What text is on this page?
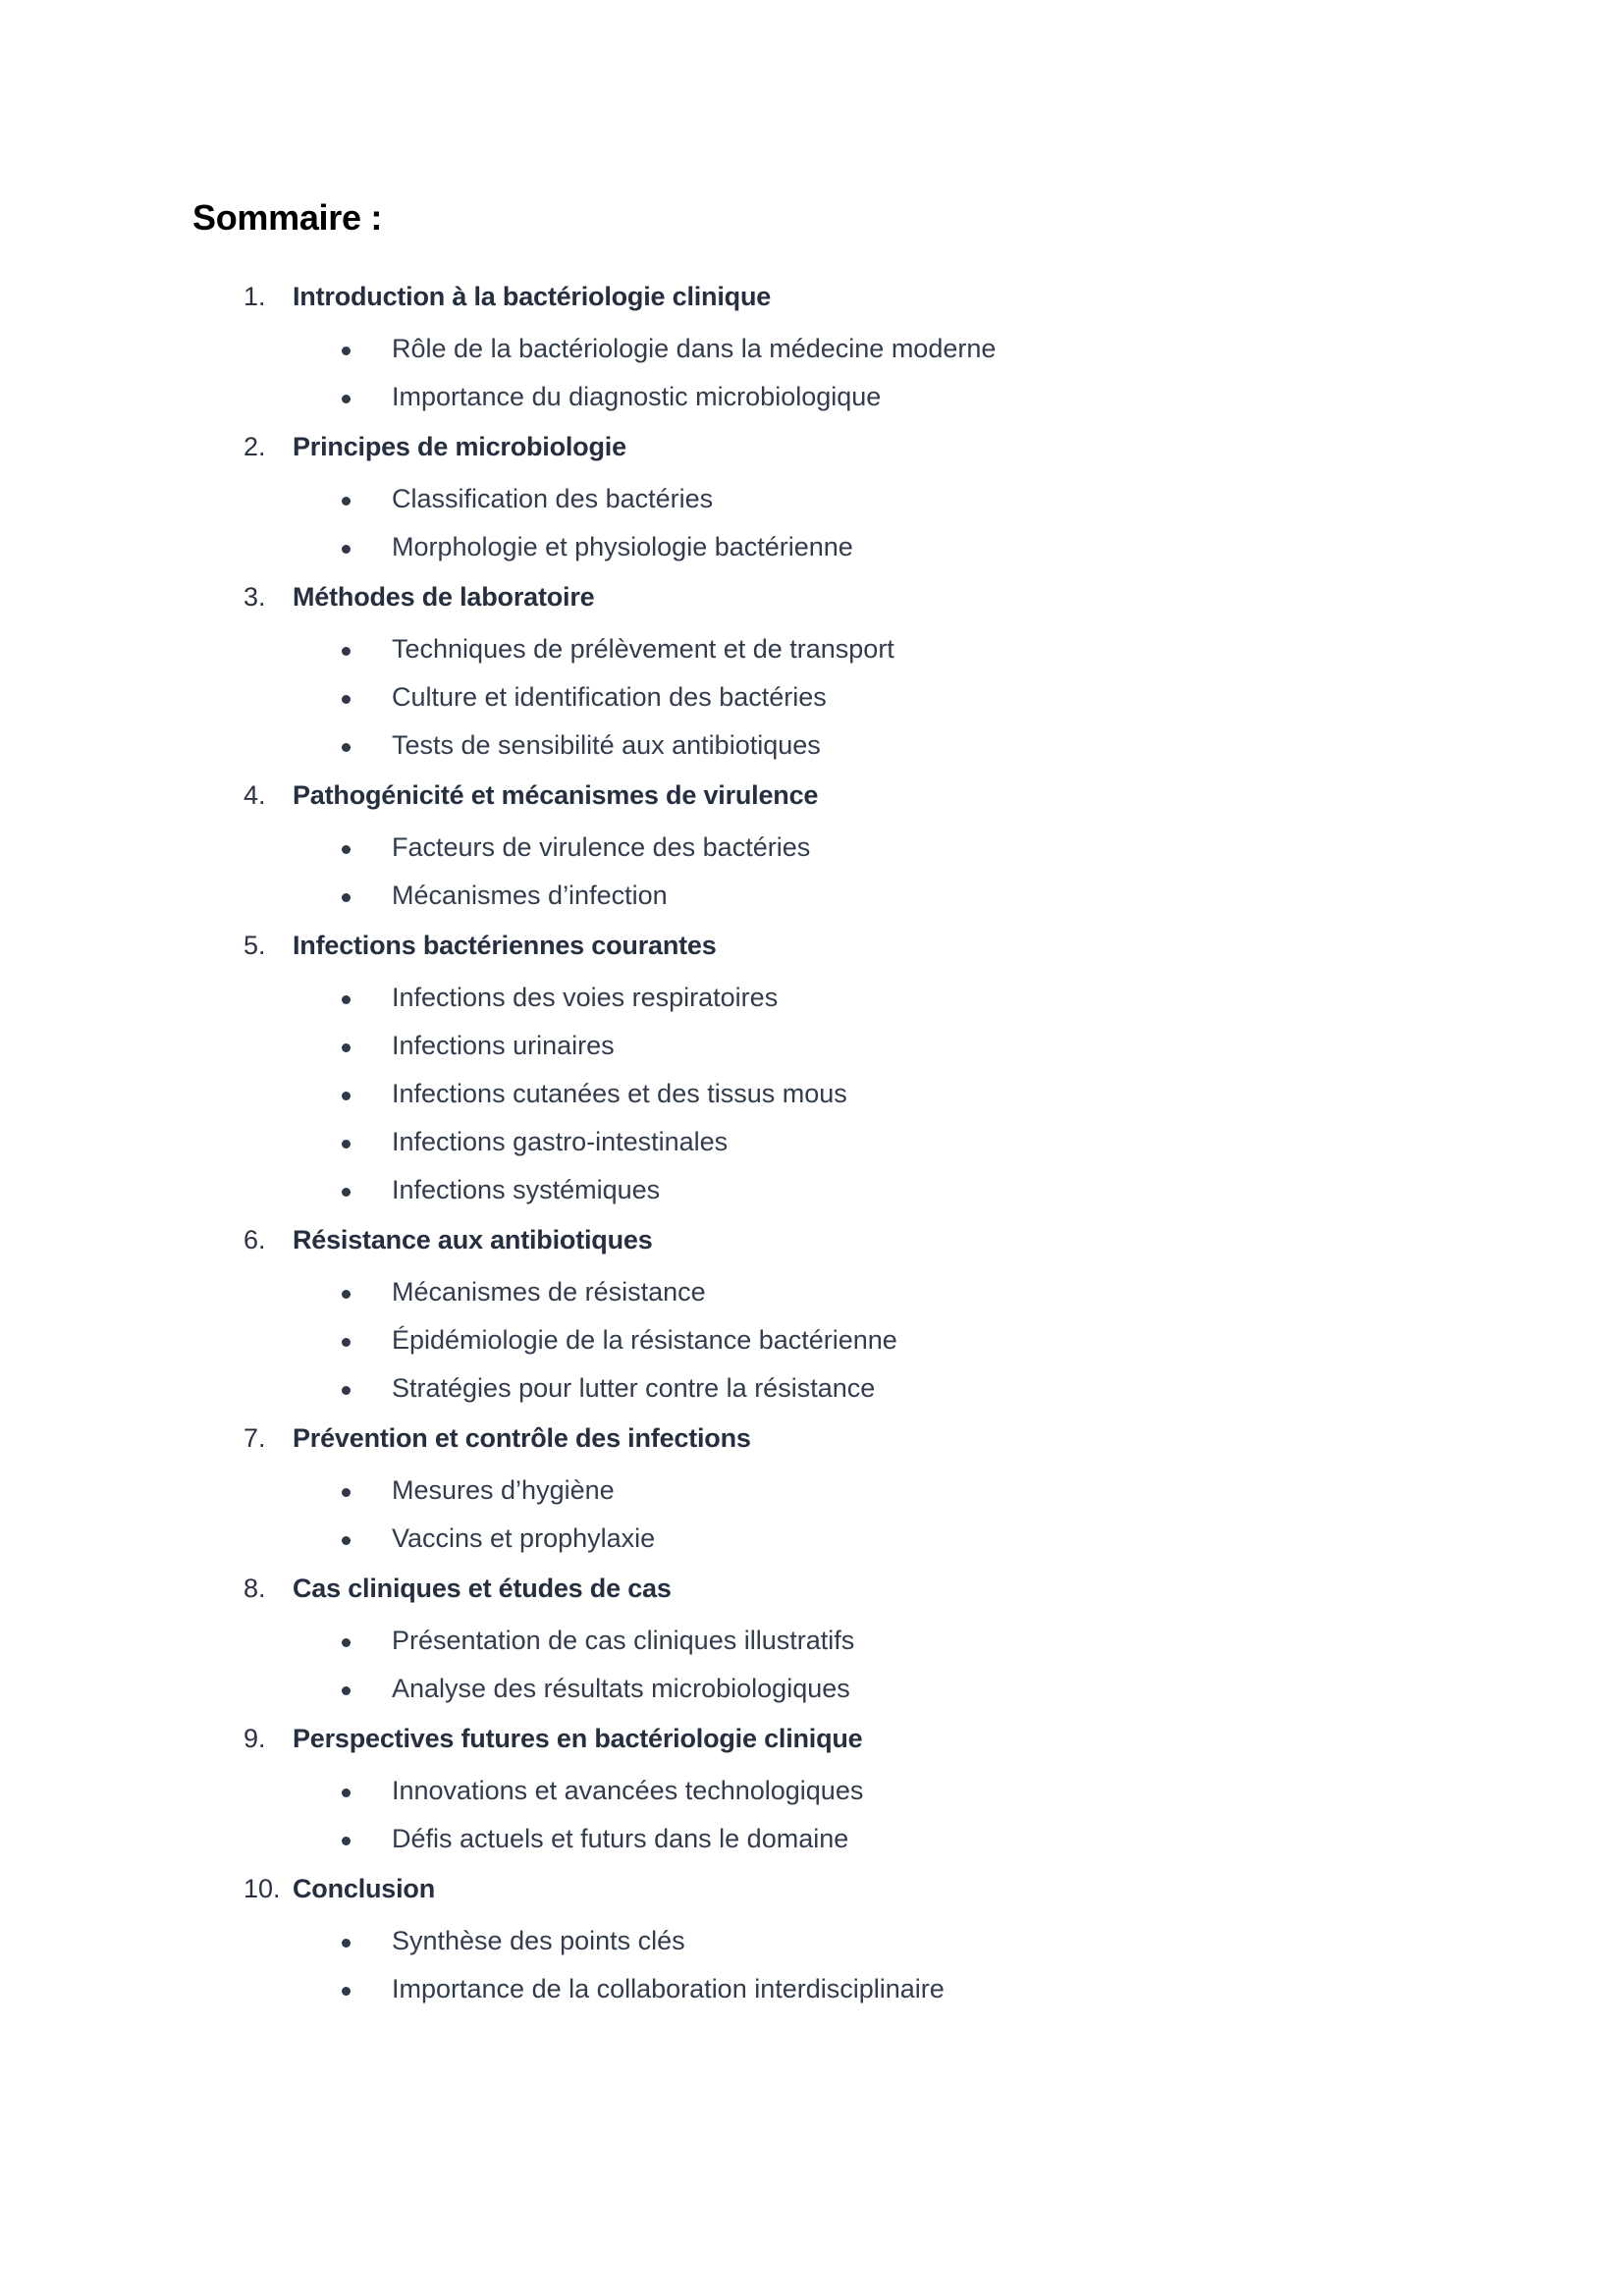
Sommaire :
1. Introduction à la bactériologie clinique
Rôle de la bactériologie dans la médecine moderne
Importance du diagnostic microbiologique
2. Principes de microbiologie
Classification des bactéries
Morphologie et physiologie bactérienne
3. Méthodes de laboratoire
Techniques de prélèvement et de transport
Culture et identification des bactéries
Tests de sensibilité aux antibiotiques
4. Pathogénicité et mécanismes de virulence
Facteurs de virulence des bactéries
Mécanismes d’infection
5. Infections bactériennes courantes
Infections des voies respiratoires
Infections urinaires
Infections cutanées et des tissus mous
Infections gastro-intestinales
Infections systémiques
6. Résistance aux antibiotiques
Mécanismes de résistance
Épidémiologie de la résistance bactérienne
Stratégies pour lutter contre la résistance
7. Prévention et contrôle des infections
Mesures d’hygiène
Vaccins et prophylaxie
8. Cas cliniques et études de cas
Présentation de cas cliniques illustratifs
Analyse des résultats microbiologiques
9. Perspectives futures en bactériologie clinique
Innovations et avancées technologiques
Défis actuels et futurs dans le domaine
10. Conclusion
Synthèse des points clés
Importance de la collaboration interdisciplinaire
